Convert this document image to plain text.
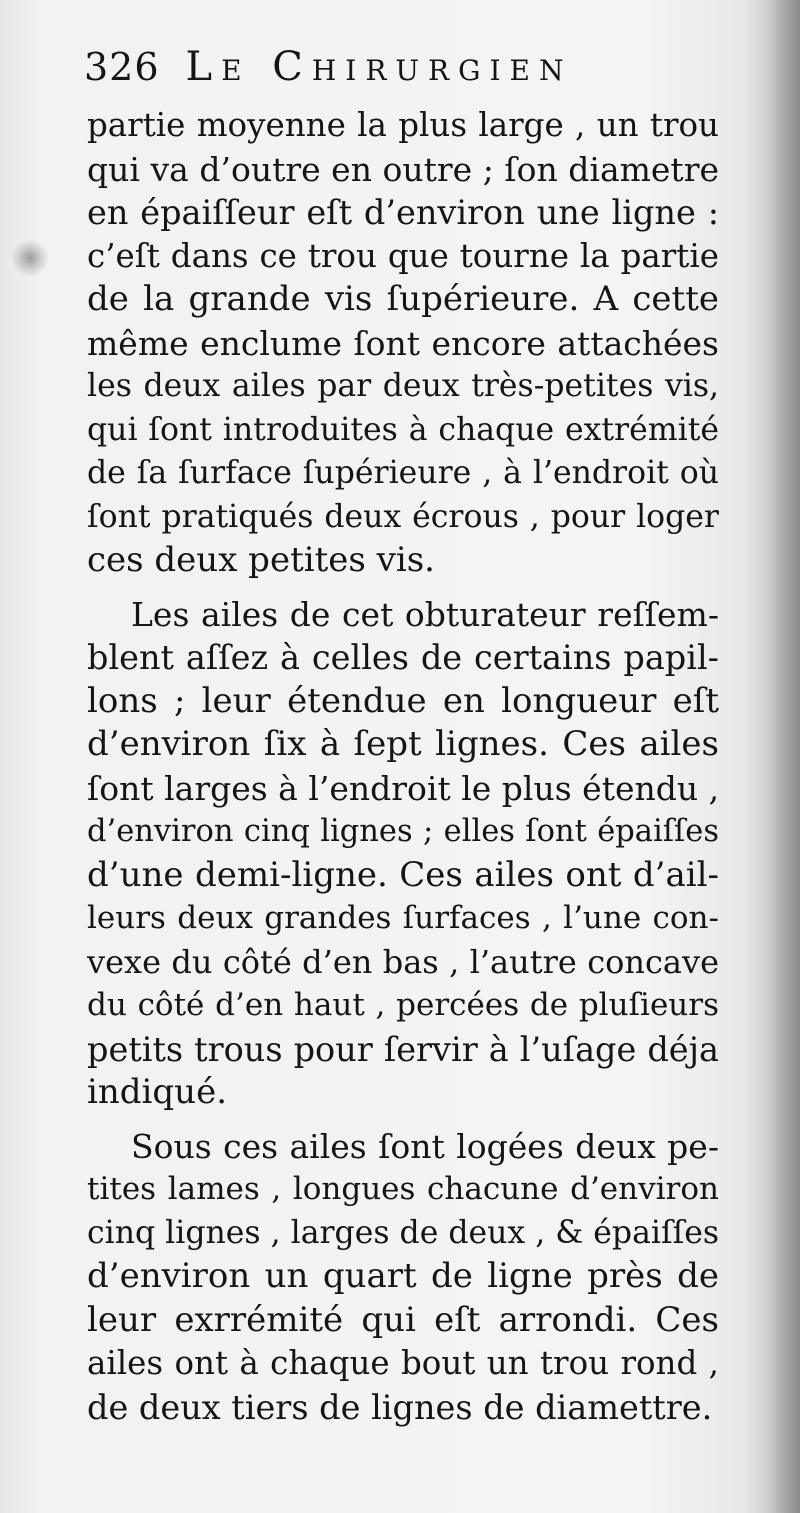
326 Le Chirurgien
partie moyenne la plus large , un trou
qui va d’outre en outre ; ſon diametre
en épaiſſeur eſt d’environ une ligne :
c’eſt dans ce trou que tourne la partie
de la grande vis ſupérieure. A cette
même enclume ſont encore attachées
les deux ailes par deux très-petites vis,
qui ſont introduites à chaque extrémité
de ſa ſurface ſupérieure , à l’endroit où
ſont pratiqués deux écrous , pour loger
ces deux petites vis.
Les ailes de cet obturateur reſſem-
blent aſſez à celles de certains papil-
lons ; leur étendue en longueur eſt
d’environ ſix à ſept lignes. Ces ailes
ſont larges à l’endroit le plus étendu ,
d’environ cinq lignes ; elles ſont épaiſſes
d’une demi-ligne. Ces ailes ont d’ail-
leurs deux grandes ſurfaces , l’une con-
vexe du côté d’en bas , l’autre concave
du côté d’en haut , percées de pluſieurs
petits trous pour ſervir à l’uſage déja
indiqué.
Sous ces ailes ſont logées deux pe-
tites lames , longues chacune d’environ
cinq lignes , larges de deux , & épaiſſes
d’environ un quart de ligne près de
leur exrrémité qui eſt arrondi. Ces
ailes ont à chaque bout un trou rond ,
de deux tiers de lignes de diamettre.
